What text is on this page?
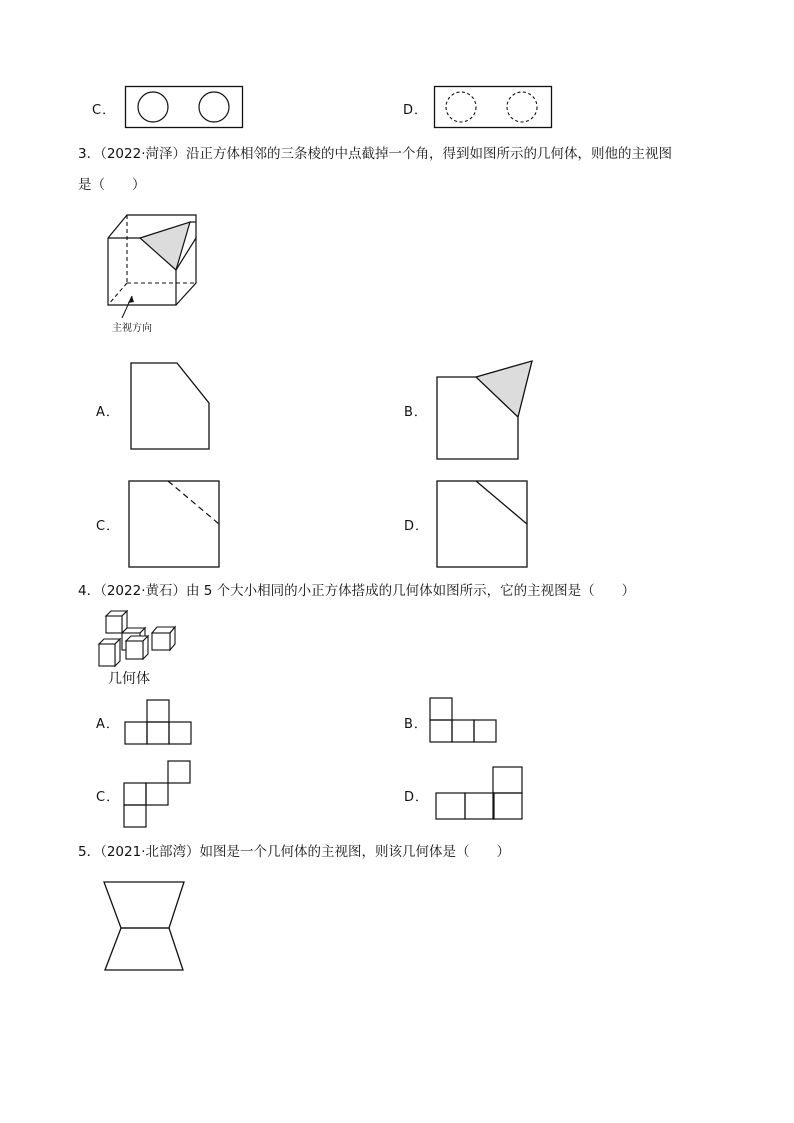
C．	D．
3．（2022·菏泽）沿正方体相邻的三条棱的中点截掉一个角，得到如图所示的几何体，则他的主视图
是（　　）
主视方向
A．	B．
C．	D．
4．（2022·黄石）由 5 个大小相同的小正方体搭成的几何体如图所示，它的主视图是（　　）
几何体
A．	B．
C．	D．
5．（2021·北部湾）如图是一个几何体的主视图，则该几何体是（　　）
